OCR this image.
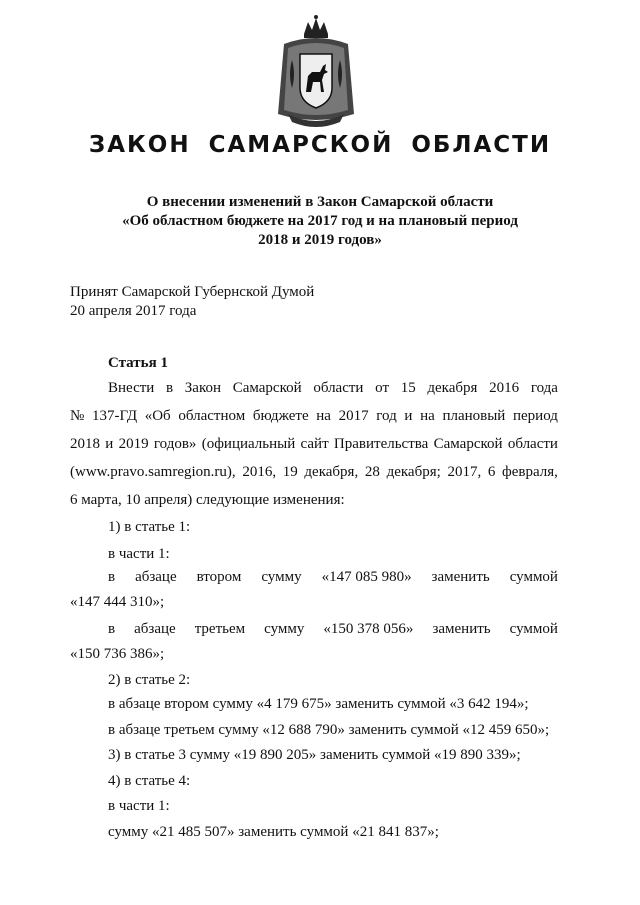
ЗАКОН САМАРСКОЙ ОБЛАСТИ
О внесении изменений в Закон Самарской области
«Об областном бюджете на 2017 год и на плановый период
2018 и 2019 годов»
Принят Самарской Губернской Думой
20 апреля 2017 года
Статья 1
Внести в Закон Самарской области от 15 декабря 2016 года
№ 137-ГД «Об областном бюджете на 2017 год и на плановый период
2018 и 2019 годов» (официальный сайт Правительства Самарской области
(www.pravo.samregion.ru), 2016, 19 декабря, 28 декабря; 2017, 6 февраля,
6 марта, 10 апреля) следующие изменения:
1) в статье 1:
в части 1:
в абзаце втором сумму «147 085 980» заменить суммой
«147 444 310»;
в абзаце третьем сумму «150 378 056» заменить суммой
«150 736 386»;
2) в статье 2:
в абзаце втором сумму «4 179 675» заменить суммой «3 642 194»;
в абзаце третьем сумму «12 688 790» заменить суммой «12 459 650»;
3) в статье 3 сумму «19 890 205» заменить суммой «19 890 339»;
4) в статье 4:
в части 1:
сумму «21 485 507» заменить суммой «21 841 837»;
